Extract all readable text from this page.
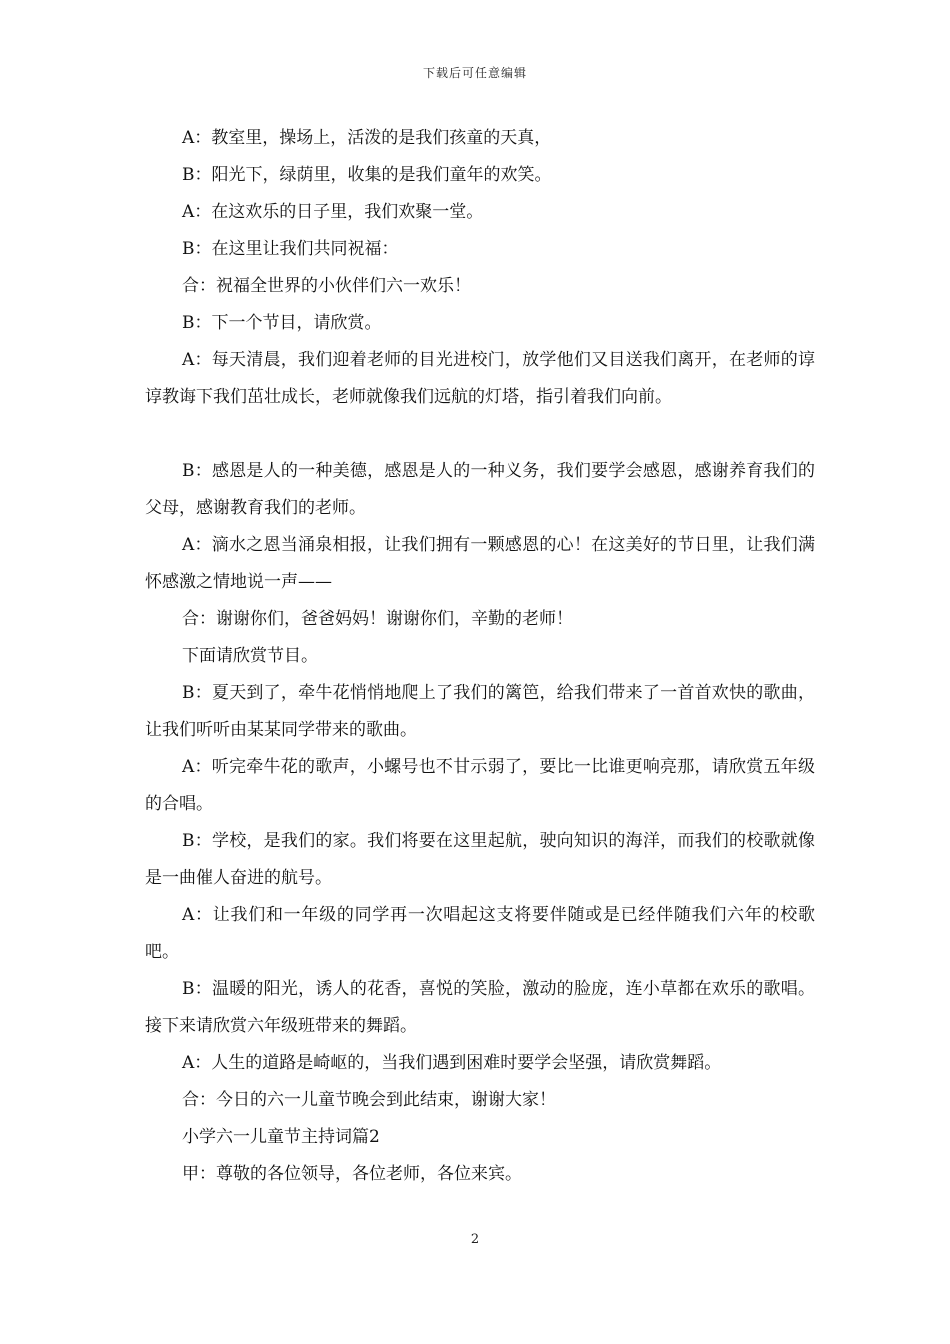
下载后可任意编辑

A：教室里，操场上，活泼的是我们孩童的天真，

B：阳光下，绿荫里，收集的是我们童年的欢笑。

A：在这欢乐的日子里，我们欢聚一堂。

B：在这里让我们共同祝福：

合：祝福全世界的小伙伴们六一欢乐！

B：下一个节目，请欣赏。

A：每天清晨，我们迎着老师的目光进校门，放学他们又目送我们离开，在老师的谆谆教诲下我们茁壮成长，老师就像我们远航的灯塔，指引着我们向前。

B：感恩是人的一种美德，感恩是人的一种义务，我们要学会感恩，感谢养育我们的父母，感谢教育我们的老师。

A：滴水之恩当涌泉相报，让我们拥有一颗感恩的心！在这美好的节日里，让我们满怀感激之情地说一声——

合：谢谢你们，爸爸妈妈！谢谢你们，辛勤的老师！

下面请欣赏节目。

B：夏天到了，牵牛花悄悄地爬上了我们的篱笆，给我们带来了一首首欢快的歌曲，让我们听听由某某同学带来的歌曲。

A：听完牵牛花的歌声，小螺号也不甘示弱了，要比一比谁更响亮那，请欣赏五年级的合唱。

B：学校，是我们的家。我们将要在这里起航，驶向知识的海洋，而我们的校歌就像是一曲催人奋进的航号。

A：让我们和一年级的同学再一次唱起这支将要伴随或是已经伴随我们六年的校歌吧。

B：温暖的阳光，诱人的花香，喜悦的笑脸，激动的脸庞，连小草都在欢乐的歌唱。接下来请欣赏六年级班带来的舞蹈。

A：人生的道路是崎岖的，当我们遇到困难时要学会坚强，请欣赏舞蹈。

合：今日的六一儿童节晚会到此结束，谢谢大家！

小学六一儿童节主持词篇2

甲：尊敬的各位领导，各位老师，各位来宾。

2
